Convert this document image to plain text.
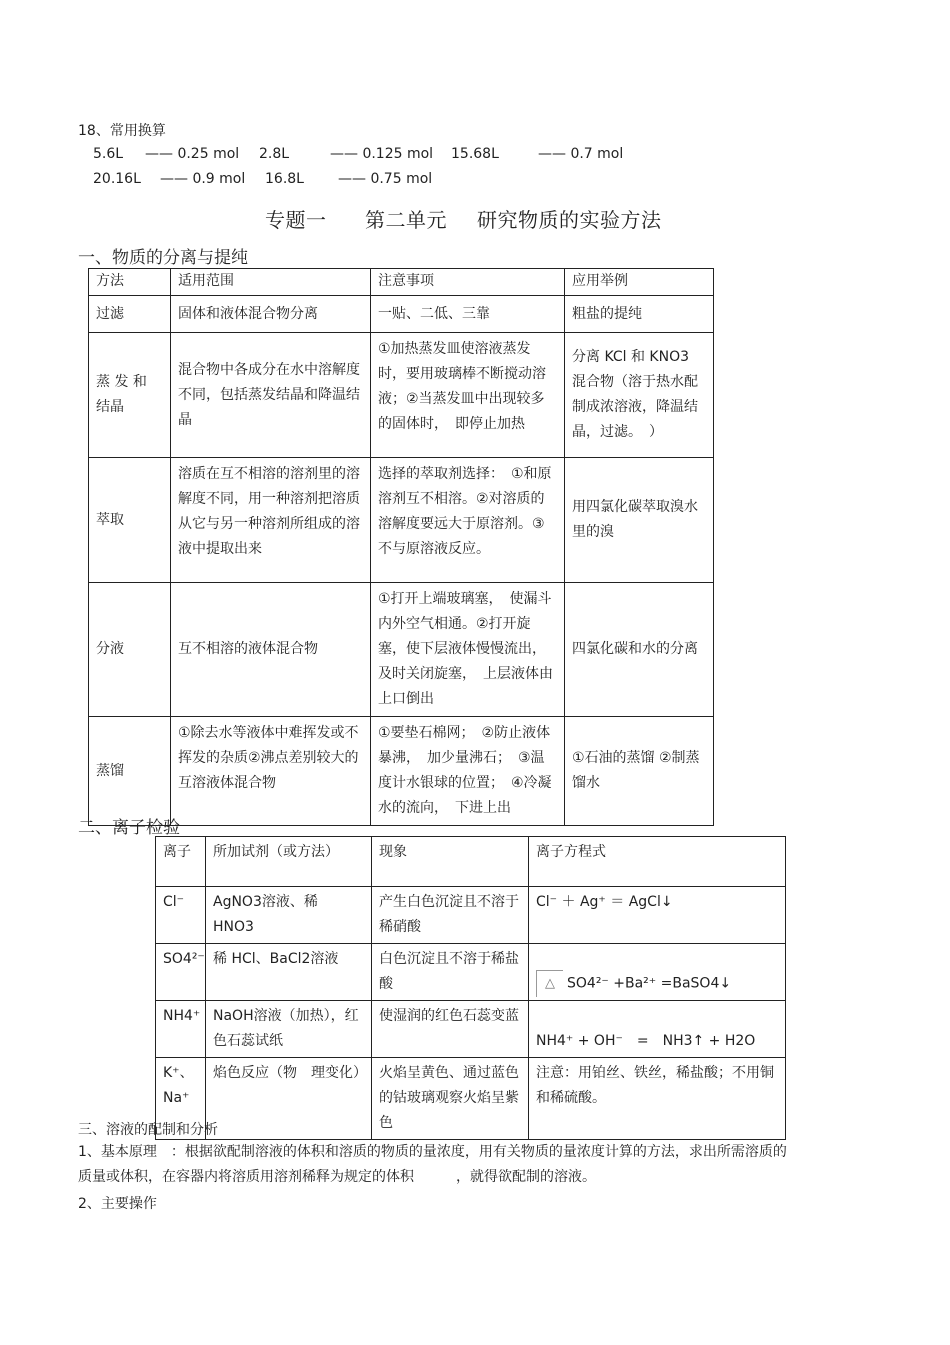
18、常用换算
5.6L —— 0.25 mol 2.8L	—— 0.125 mol 15.68L	—— 0.7 mol
20.16L —— 0.9 mol 16.8L —— 0.75 mol
专题一 第二单元 研究物质的实验方法
一、物质的分离与提纯
方法	适用范围	注意事项	应用举例
过滤	固体和液体混合物分离	一贴、二低、三靠	粗盐的提纯
蒸 发 和 结晶	混合物中各成分在水中溶解度不同，包括蒸发结晶和降温结晶	①加热蒸发皿使溶液蒸发时，要用玻璃棒不断搅动溶液；②当蒸发皿中出现较多的固体时，　即停止加热	分离 KCl 和 KNO3 混合物（溶于热水配制成浓溶液，降温结晶，过滤。　）
萃取	溶质在互不相溶的溶剂里的溶解度不同，用一种溶剂把溶质从它与另一种溶剂所组成的溶液中提取出来	选择的萃取剂选择：　①和原溶剂互不相溶。②对溶质的溶解度要远大于原溶剂。③不与原溶液反应。	用四氯化碳萃取溴水里的溴
分液	互不相溶的液体混合物	①打开上端玻璃塞，　使漏斗内外空气相通。②打开旋塞，使下层液体慢慢流出，及时关闭旋塞，　上层液体由上口倒出	四氯化碳和水的分离
蒸馏	①除去水等液体中难挥发或不挥发的杂质②沸点差别较大的互溶液体混合物	①要垫石棉网；　②防止液体暴沸，　加少量沸石；　③温度计水银球的位置；　④冷凝水的流向，　下进上出	①石油的蒸馏 ②制蒸馏水
二、离子检验
离子	所加试剂（或方法）	现象	离子方程式
Cl⁻	AgNO3溶液、稀　HNO3	产生白色沉淀且不溶于稀硝酸	Cl⁻ ＋ Ag⁺ ＝ AgCl↓
SO4²⁻	稀 HCl、BaCl2溶液	白色沉淀且不溶于稀盐酸	△ SO4²⁻ +Ba²⁺ =BaSO4↓
NH4⁺	NaOH溶液（加热），红色石蕊试纸	使湿润的红色石蕊变蓝	NH4⁺ + OH⁻　=　NH3↑ + H2O
K⁺、Na⁺	焰色反应（物　理变化）	火焰呈黄色、通过蓝色的钴玻璃观察火焰呈紫色	注意：用铂丝、铁丝，稀盐酸；不用铜和稀硫酸。
三、溶液的配制和分析
1、基本原理　：根据欲配制溶液的体积和溶质的物质的量浓度，用有关物质的量浓度计算的方法，求出所需溶质的质量或体积，在容器内将溶质用溶剂稀释为规定的体积　　　，就得欲配制的溶液。
2、主要操作
